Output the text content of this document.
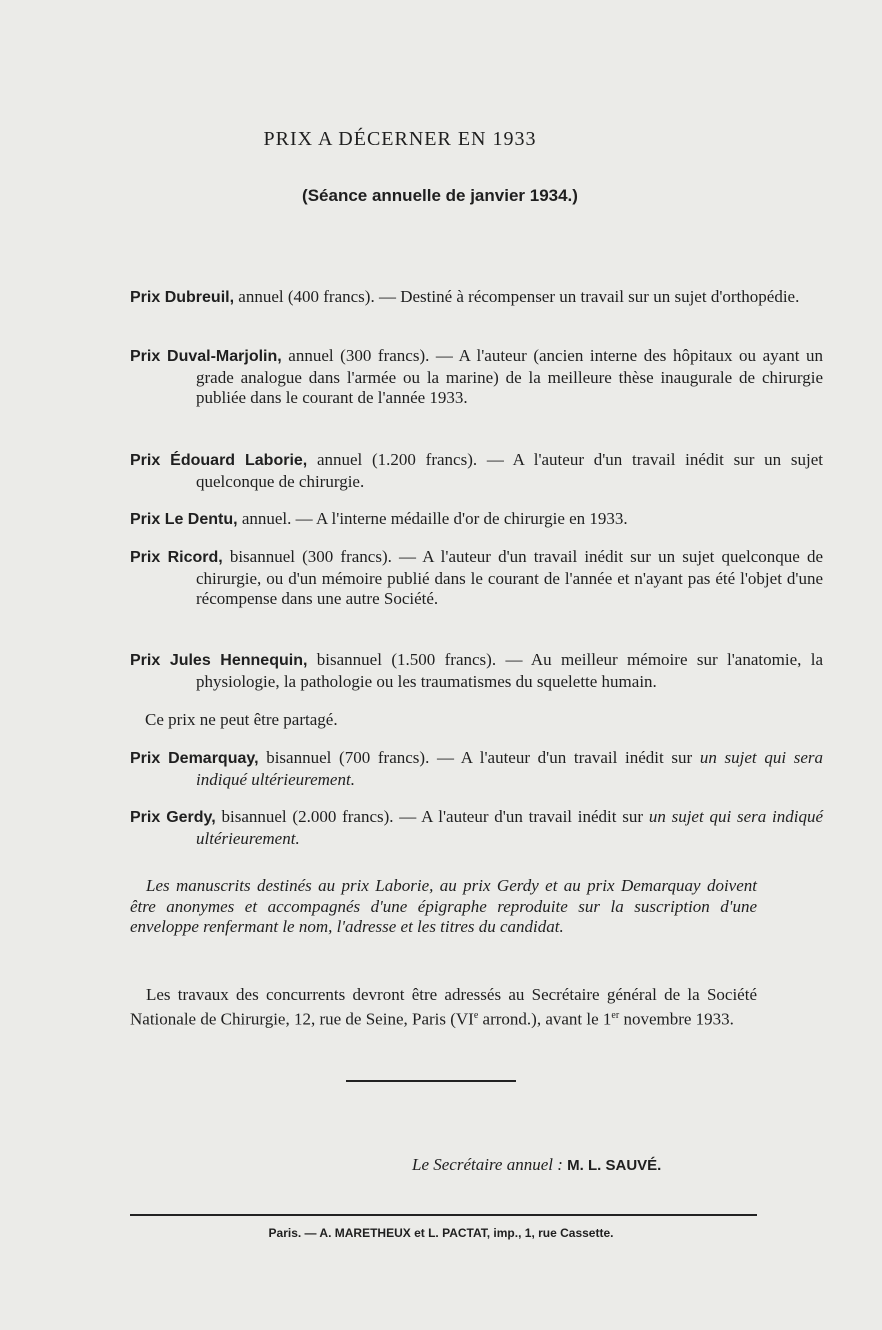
PRIX A DÉCERNER EN 1933
(Séance annuelle de janvier 1934.)
Prix Dubreuil, annuel (400 francs). — Destiné à récompenser un travail sur un sujet d'orthopédie.
Prix Duval-Marjolin, annuel (300 francs). — A l'auteur (ancien interne des hôpitaux ou ayant un grade analogue dans l'armée ou la marine) de la meilleure thèse inaugurale de chirurgie publiée dans le courant de l'année 1933.
Prix Édouard Laborie, annuel (1.200 francs). — A l'auteur d'un travail inédit sur un sujet quelconque de chirurgie.
Prix Le Dentu, annuel. — A l'interne médaille d'or de chirurgie en 1933.
Prix Ricord, bisannuel (300 francs). — A l'auteur d'un travail inédit sur un sujet quelconque de chirurgie, ou d'un mémoire publié dans le courant de l'année et n'ayant pas été l'objet d'une récompense dans une autre Société.
Prix Jules Hennequin, bisannuel (1.500 francs). — Au meilleur mémoire sur l'anatomie, la physiologie, la pathologie ou les traumatismes du squelette humain.
Ce prix ne peut être partagé.
Prix Demarquay, bisannuel (700 francs). — A l'auteur d'un travail inédit sur un sujet qui sera indiqué ultérieurement.
Prix Gerdy, bisannuel (2.000 francs). — A l'auteur d'un travail inédit sur un sujet qui sera indiqué ultérieurement.
Les manuscrits destinés au prix Laborie, au prix Gerdy et au prix Demarquay doivent être anonymes et accompagnés d'une épigraphe reproduite sur la suscription d'une enveloppe renfermant le nom, l'adresse et les titres du candidat.
Les travaux des concurrents devront être adressés au Secrétaire général de la Société Nationale de Chirurgie, 12, rue de Seine, Paris (VIe arrond.), avant le 1er novembre 1933.
Le Secrétaire annuel : M. L. SAUVÉ.
Paris. — A. MARETHEUX et L. PACTAT, imp., 1, rue Cassette.
